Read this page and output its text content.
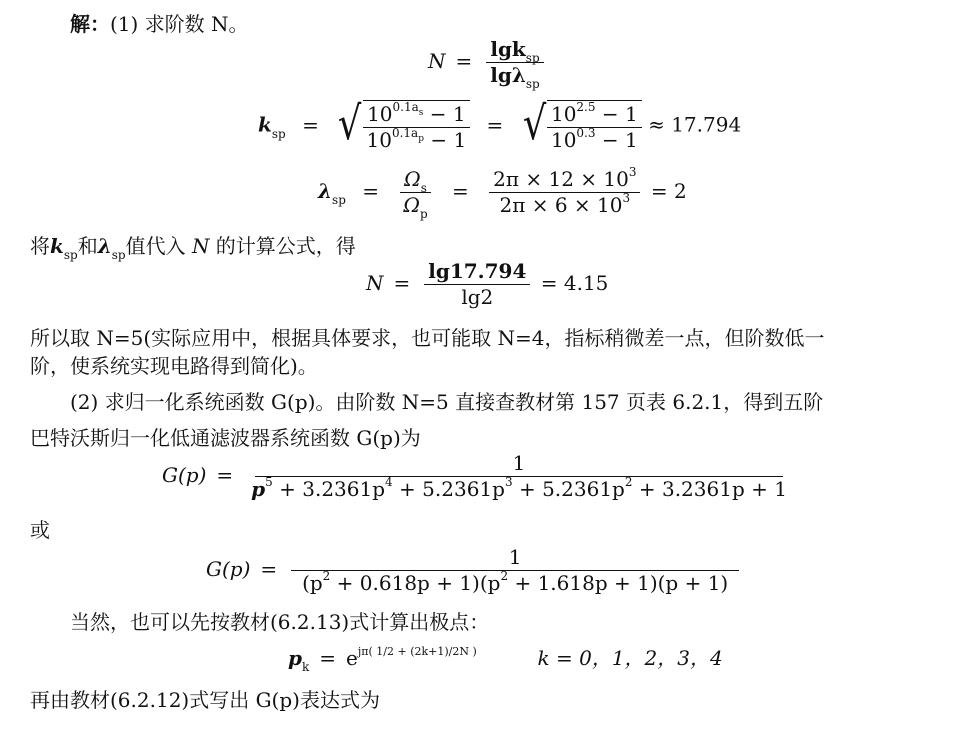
解：(1) 求阶数 N。
$N = \frac{\lg k_{sp}}{\lg\lambda_{sp}}$
$k_{sp}$ = √ $\frac{10^{0.1as} - 1}{10^{0.1ap} - 1}$ = √ $\frac{10^{2.5} - 1}{10^{0.3} - 1} \approx 17.794$
$\lambda_{sp} = \frac{\Omega_s}{\Omega_p} = \frac{2\pi \times 12 \times 10^3}{2\pi \times 6 \times 10^3} = 2$
将$k_{sp}$和$\lambda_{sp}$值代入 N 的计算公式，得
$N = \frac{\lg 17.794}{\lg 2} = 4.15$
所以取 N=5(实际应用中，根据具体要求，也可能取 N=4，指标稍微差一点，但阶数低一
阶，使系统实现电路得到简化)。
(2) 求归一化系统函数 G(p)。由阶数 N=5 直接查教材第 157 页表 6.2.1，得到五阶
巴特沃斯归一化低通滤波器系统函数 G(p)为
$G(p) = \frac{1}{p^5 + 3.2361p^4 + 5.2361p^3 + 5.2361p^2 + 3.2361p + 1}$
或
$G(p) = \frac{1}{(p^2 + 0.618p + 1)(p^2 + 1.618p + 1)(p + 1)}$
当然，也可以先按教材(6.2.13)式计算出极点：
$p_k = e^{j\pi( 1/2 + (2k+1)/2N )}$	k = 0，1，2，3，4
再由教材(6.2.12)式写出 G(p)表达式为
